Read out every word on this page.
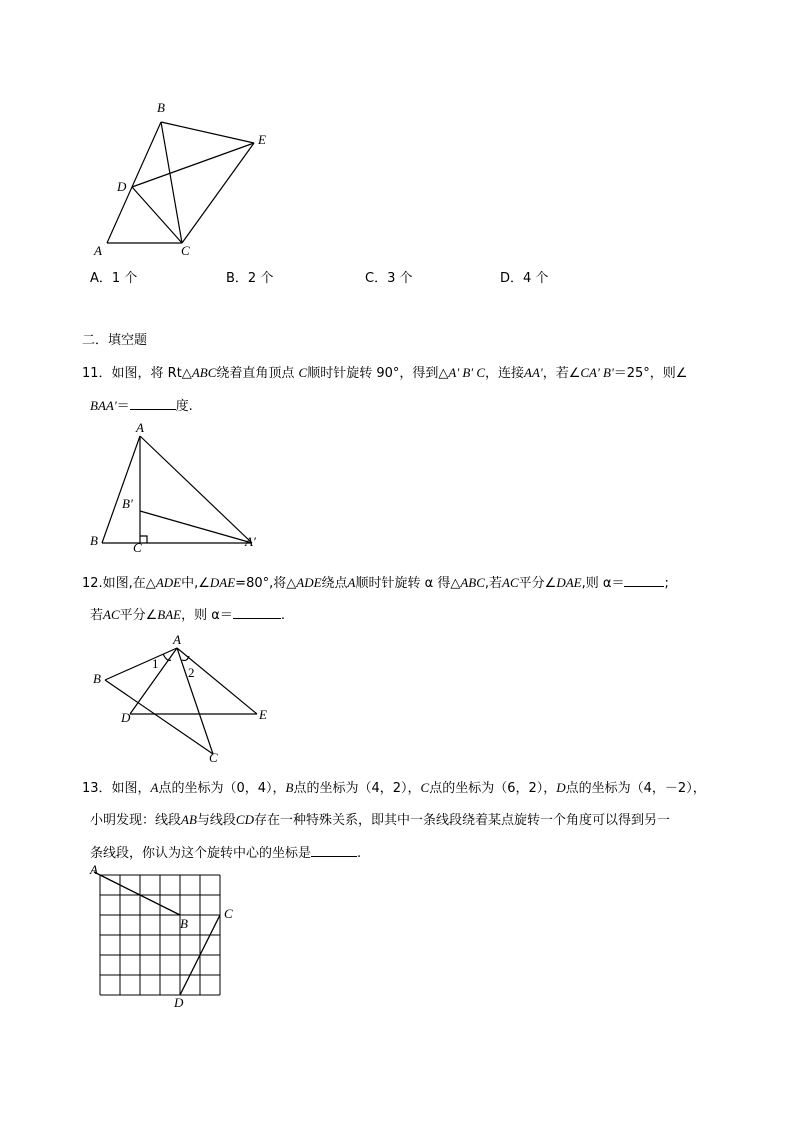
B
E
D
A	C
A．1 个	B．2 个	C．3 个	D．4 个
二．填空题
11．如图，将 Rt△ABC绕着直角顶点 C顺时针旋转 90°，得到△A' B' C，连接AA'，若∠CA' B'＝25°，则∠
BAA'＝	度.
A
B′
B	C	A′
12.如图,在△ADE中,∠DAE=80°,将△ADE绕点A顺时针旋转 α 得△ABC,若AC平分∠DAE,则 α＝	;
若AC平分∠BAE，则 α＝	.
A
1
2
B
D	E
C
13．如图，A点的坐标为（0，4），B点的坐标为（4，2），C点的坐标为（6，2），D点的坐标为（4，－2），
小明发现：线段AB与线段CD存在一种特殊关系，即其中一条线段绕着某点旋转一个角度可以得到另一
条线段，你认为这个旋转中心的坐标是	.
A
B
C
D
